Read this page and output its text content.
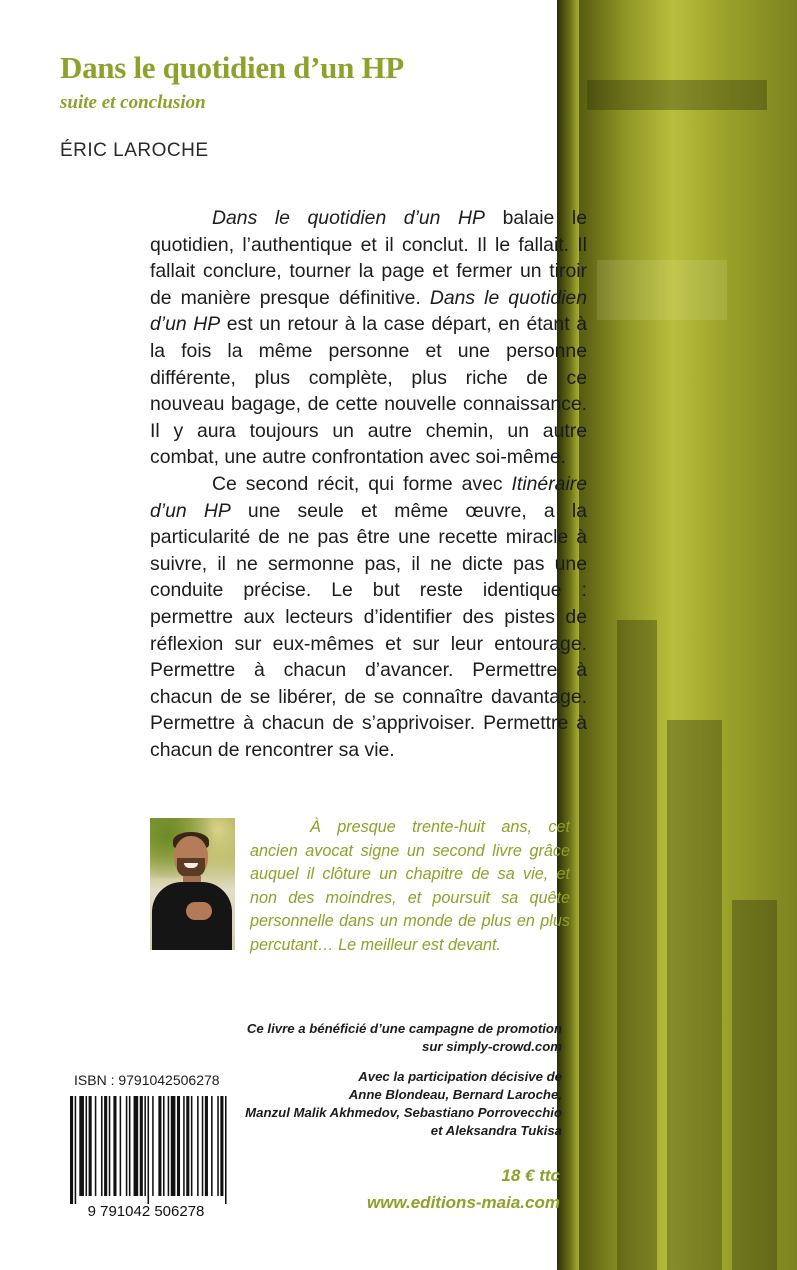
Dans le quotidien d’un HP
suite et conclusion
ÉRIC LAROCHE

Dans le quotidien d’un HP balaie le quotidien, l’authentique et il conclut. Il le fallait. Il fallait conclure, tourner la page et fermer un tiroir de manière presque définitive. Dans le quotidien d’un HP est un retour à la case départ, en étant à la fois la même personne et une personne différente, plus complète, plus riche de ce nouveau bagage, de cette nouvelle connaissance. Il y aura toujours un autre chemin, un autre combat, une autre confrontation avec soi-même.

Ce second récit, qui forme avec Itinéraire d’un HP une seule et même œuvre, a la particularité de ne pas être une recette miracle à suivre, il ne sermonne pas, il ne dicte pas une conduite précise. Le but reste identique : permettre aux lecteurs d’identifier des pistes de réflexion sur eux-mêmes et sur leur entourage. Permettre à chacun d’avancer. Permettre à chacun de se libérer, de se connaître davantage. Permettre à chacun de s’apprivoiser. Permettre à chacun de rencontrer sa vie.

À presque trente-huit ans, cet ancien avocat signe un second livre grâce auquel il clôture un chapitre de sa vie, et non des moindres, et poursuit sa quête personnelle dans un monde de plus en plus percutant… Le meilleur est devant.

Ce livre a bénéficié d’une campagne de promotion
sur simply-crowd.com
Avec la participation décisive de
Anne Blondeau, Bernard Laroche,
Manzul Malik Akhmedov, Sebastiano Porrovecchio
et Aleksandra Tukisa
18 € ttc
www.editions-maia.com
ISBN : 9791042506278
9 791042 506278
